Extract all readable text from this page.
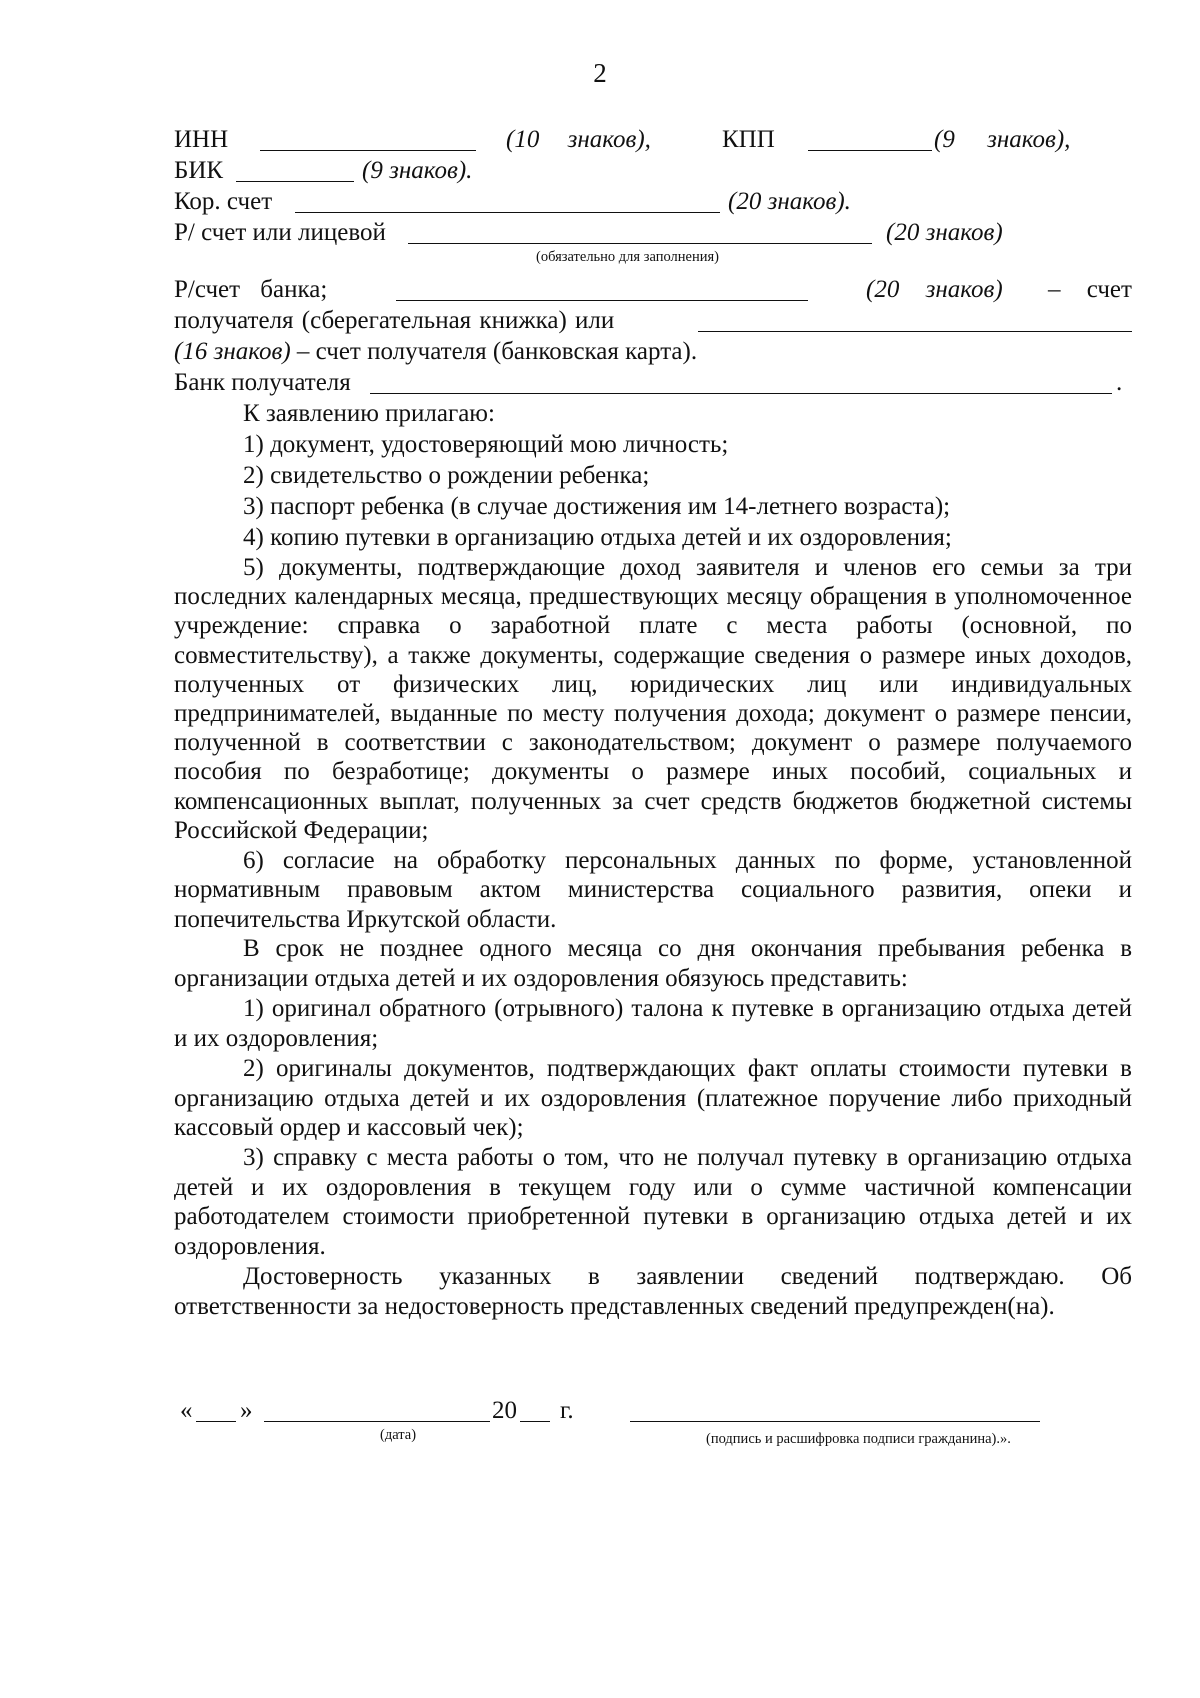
2
ИНН	(10 знаков),	КПП	(9 знаков),
БИК	(9 знаков).
Кор. счет	(20 знаков).
Р/ счет или лицевой	(20 знаков)
(обязательно для заполнения)
Р/счет банка;	(20 знаков) – счет
получателя (сберегательная книжка) или
(16 знаков) – счет получателя (банковская карта).
Банк получателя	.
К заявлению прилагаю:
1) документ, удостоверяющий мою личность;
2) свидетельство о рождении ребенка;
3) паспорт ребенка (в случае достижения им 14-летнего возраста);
4) копию путевки в организацию отдыха детей и их оздоровления;
5) документы, подтверждающие доход заявителя и членов его семьи за три последних календарных месяца, предшествующих месяцу обращения в уполномоченное учреждение: справка о заработной плате с места работы (основной, по совместительству), а также документы, содержащие сведения о размере иных доходов, полученных от физических лиц, юридических лиц или индивидуальных предпринимателей, выданные по месту получения дохода; документ о размере пенсии, полученной в соответствии с законодательством; документ о размере получаемого пособия по безработице; документы о размере иных пособий, социальных и компенсационных выплат, полученных за счет средств бюджетов бюджетной системы Российской Федерации;
6) согласие на обработку персональных данных по форме, установленной нормативным правовым актом министерства социального развития, опеки и попечительства Иркутской области.
В срок не позднее одного месяца со дня окончания пребывания ребенка в организации отдыха детей и их оздоровления обязуюсь представить:
1) оригинал обратного (отрывного) талона к путевке в организацию отдыха детей и их оздоровления;
2) оригиналы документов, подтверждающих факт оплаты стоимости путевки в организацию отдыха детей и их оздоровления (платежное поручение либо приходный кассовый ордер и кассовый чек);
3) справку с места работы о том, что не получал путевку в организацию отдыха детей и их оздоровления в текущем году или о сумме частичной компенсации работодателем стоимости приобретенной путевки в организацию отдыха детей и их оздоровления.
Достоверность указанных в заявлении сведений подтверждаю. Об ответственности за недостоверность представленных сведений предупрежден(на).
« »	20 г.
(дата)	(подпись и расшифровка подписи гражданина).».
